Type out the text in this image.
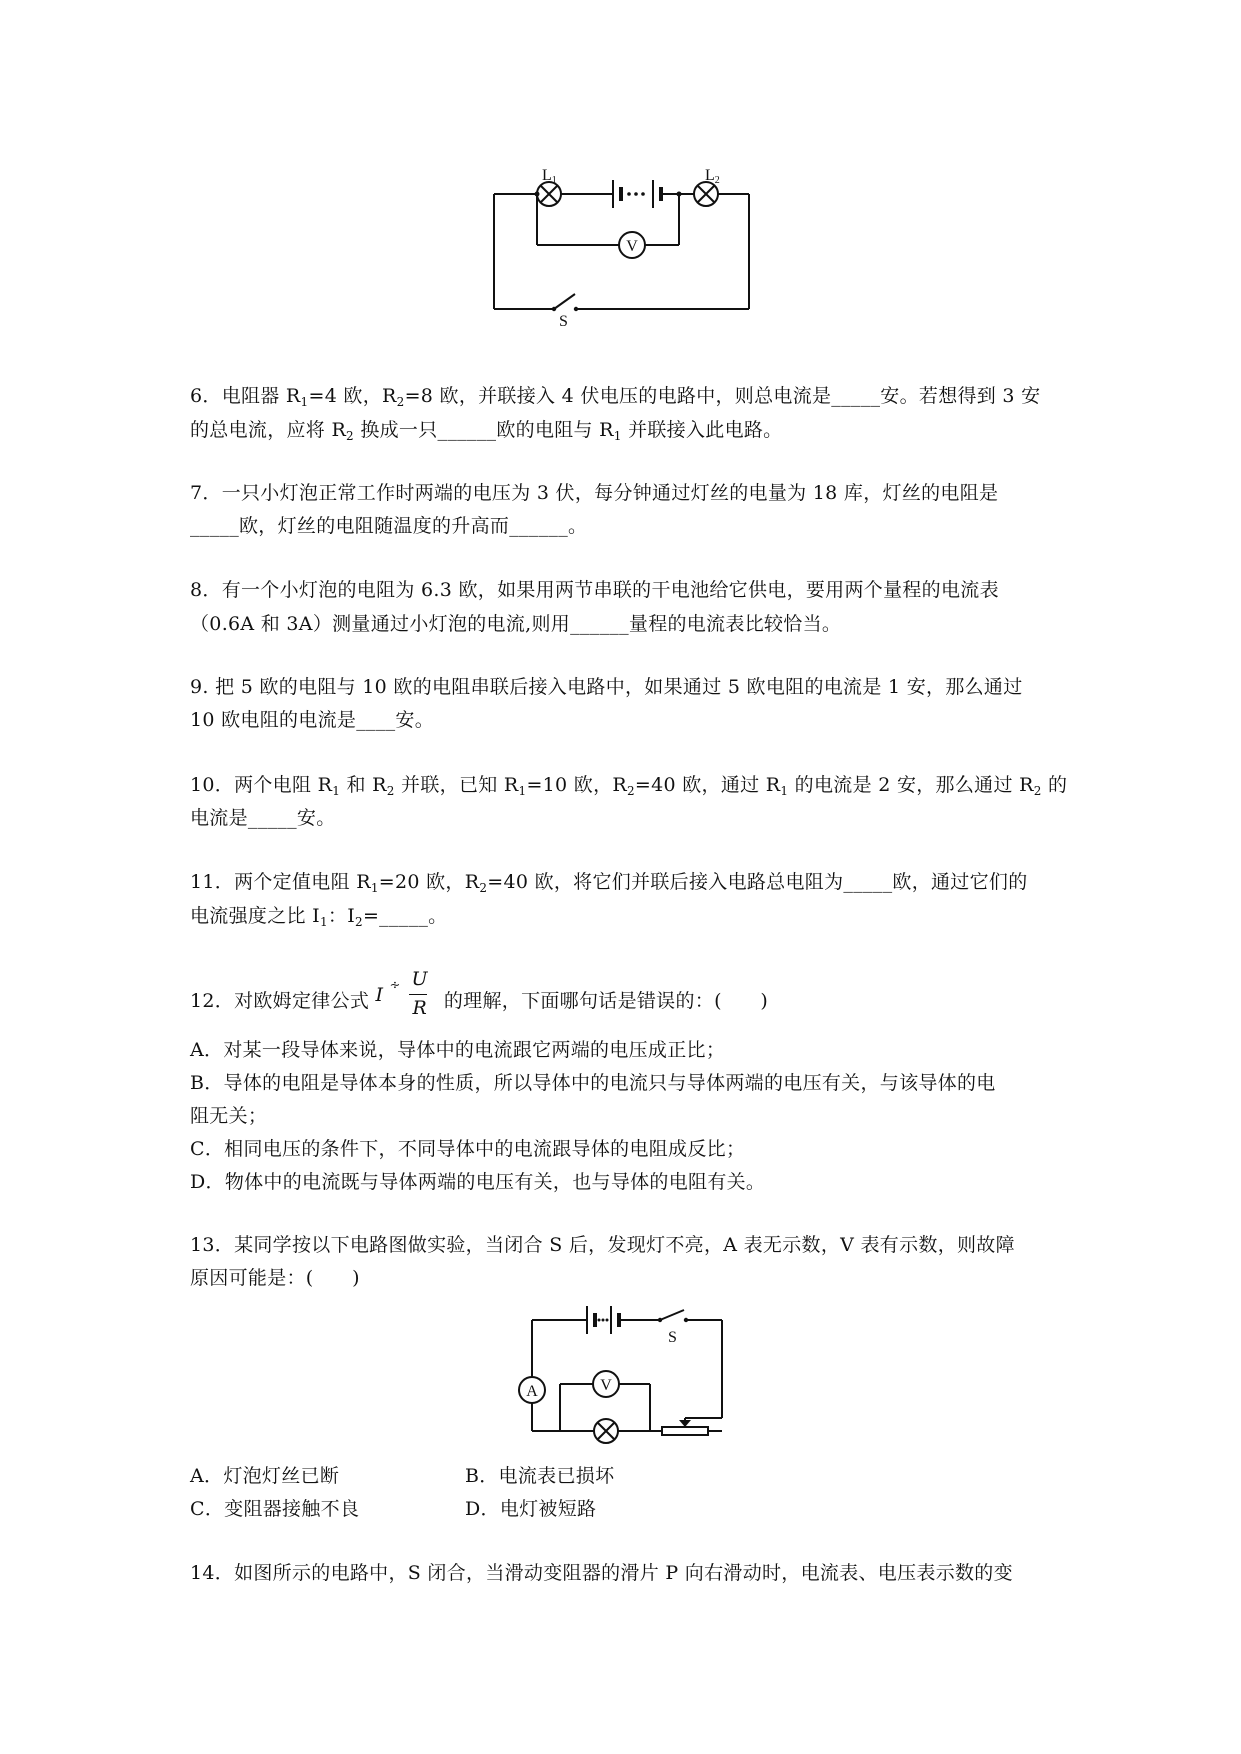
V
L1	L2
S
6．电阻器 $R_1=4$ 欧，$R_2=8$ 欧，并联接入 4 伏电压的电路中，则总电流是_____安。若想得到 3 安
的总电流，应将 $R_2$ 换成一只______欧的电阻与 $R_1$ 并联接入此电路。
7．一只小灯泡正常工作时两端的电压为 3 伏，每分钟通过灯丝的电量为 18 库，灯丝的电阻是
_____欧，灯丝的电阻随温度的升高而______。
8．有一个小灯泡的电阻为 6.3 欧，如果用两节串联的干电池给它供电，要用两个量程的电流表
（0.6A 和 3A）测量通过小灯泡的电流,则用______量程的电流表比较恰当。
9. 把 5 欧的电阻与 10 欧的电阻串联后接入电路中，如果通过 5 欧电阻的电流是 1 安，那么通过
10 欧电阻的电流是____安。
10．两个电阻 $R_1$ 和 $R_2$ 并联，已知 $R_1=10$ 欧，$R_2=40$ 欧，通过 $R_1$ 的电流是 2 安，那么通过 $R_2$ 的
电流是_____安。
11．两个定值电阻 $R_1=20$ 欧，$R_2=40$ 欧，将它们并联后接入电路总电阻为_____欧，通过它们的
电流强度之比 $I_1$：$I_2=\_\_\_\_\_$。
12．对欧姆定律公式 I ∻ U
R 的理解，下面哪句话是错误的：(　　)
A．对某一段导体来说，导体中的电流跟它两端的电压成正比；
B．导体的电阻是导体本身的性质，所以导体中的电流只与导体两端的电压有关，与该导体的电
阻无关；
C．相同电压的条件下，不同导体中的电流跟导体的电阻成反比；
D．物体中的电流既与导体两端的电压有关，也与导体的电阻有关。
13．某同学按以下电路图做实验，当闭合 S 后，发现灯不亮，A 表无示数，V 表有示数，则故障
原因可能是：(　　)
S
A	V
A．灯泡灯丝已断	B．电流表已损坏
C．变阻器接触不良	D．电灯被短路
14．如图所示的电路中，S 闭合，当滑动变阻器的滑片 P 向右滑动时，电流表、电压表示数的变
